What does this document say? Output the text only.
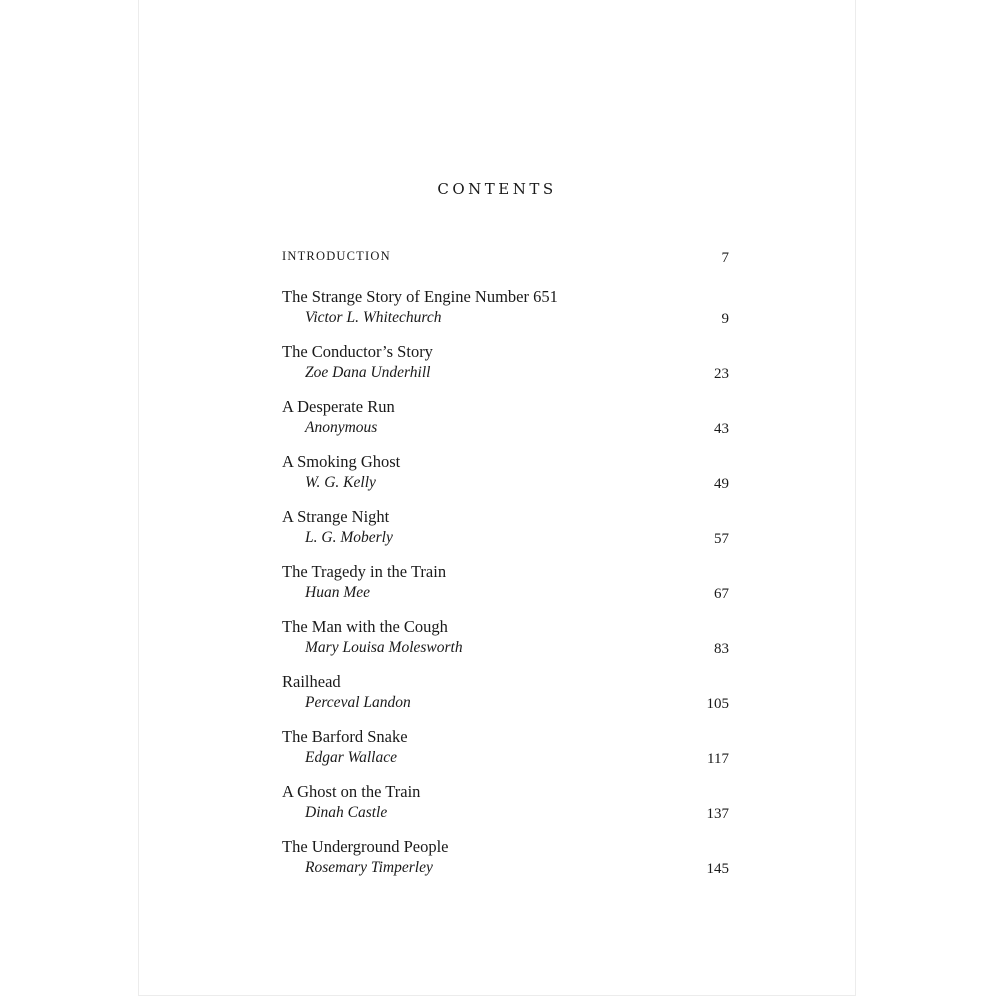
CONTENTS
INTRODUCTION	7
The Strange Story of Engine Number 651
Victor L. Whitechurch	9
The Conductor’s Story
Zoe Dana Underhill	23
A Desperate Run
Anonymous	43
A Smoking Ghost
W. G. Kelly	49
A Strange Night
L. G. Moberly	57
The Tragedy in the Train
Huan Mee	67
The Man with the Cough
Mary Louisa Molesworth	83
Railhead
Perceval Landon	105
The Barford Snake
Edgar Wallace	117
A Ghost on the Train
Dinah Castle	137
The Underground People
Rosemary Timperley	145
